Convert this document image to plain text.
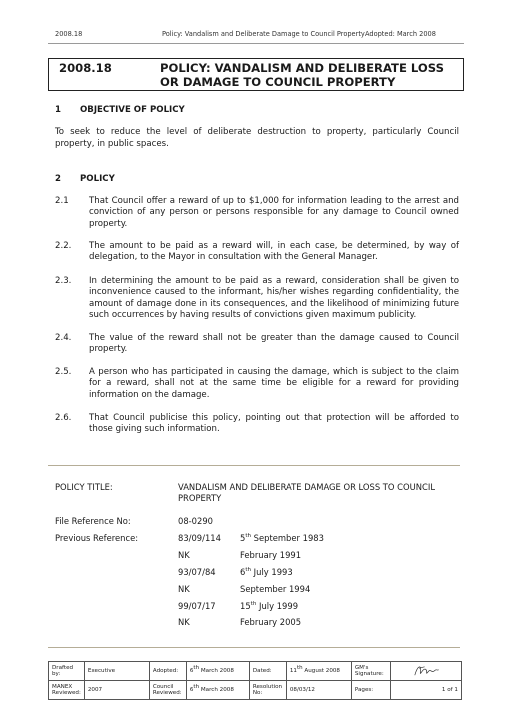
2008.18	Policy: Vandalism and Deliberate Damage to Council Property Adopted: March 2008
2008.18	POLICY: VANDALISM AND DELIBERATE LOSS OR DAMAGE TO COUNCIL PROPERTY
1 OBJECTIVE OF POLICY
To seek to reduce the level of deliberate destruction to property, particularly Council property, in public spaces.
2 POLICY
2.1 That Council offer a reward of up to $1,000 for information leading to the arrest and conviction of any person or persons responsible for any damage to Council owned property.
2.2. The amount to be paid as a reward will, in each case, be determined, by way of delegation, to the Mayor in consultation with the General Manager.
2.3. In determining the amount to be paid as a reward, consideration shall be given to inconvenience caused to the informant, his/her wishes regarding confidentiality, the amount of damage done in its consequences, and the likelihood of minimizing future such occurrences by having results of convictions given maximum publicity.
2.4. The value of the reward shall not be greater than the damage caused to Council property.
2.5. A person who has participated in causing the damage, which is subject to the claim for a reward, shall not at the same time be eligible for a reward for providing information on the damage.
2.6. That Council publicise this policy, pointing out that protection will be afforded to those giving such information.
POLICY TITLE:	VANDALISM AND DELIBERATE DAMAGE OR LOSS TO COUNCIL PROPERTY
File Reference No:	08-0290
Previous Reference:	83/09/114 5th September 1983
NK	February 1991
93/07/84	6th July 1993
NK	September 1994
99/07/17	15th July 1999
NK	February 2005
Drafted by:	Executive	Adopted:	6th March 2008	Dated:	11th August 2008	GM's Signature:	

MANEX Reviewed:	2007	Council Reviewed:	6th March 2008	Resolution No:	08/03/12	Pages:	1 of 1
